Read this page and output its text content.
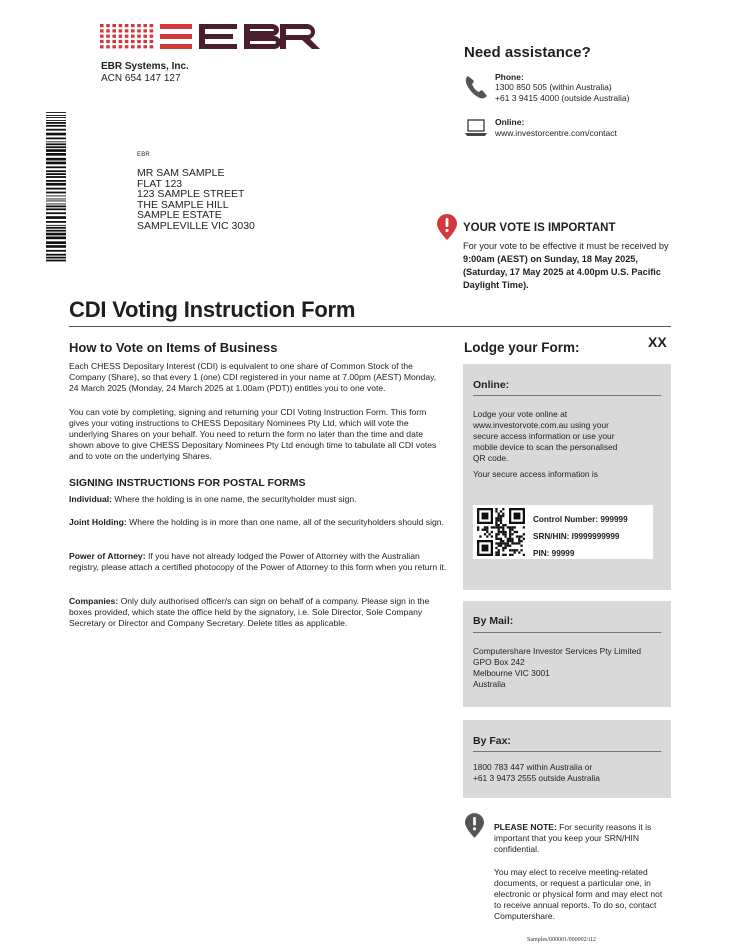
EBR Systems, Inc.
ACN 654 147 127
EBR
MR SAM SAMPLE
FLAT 123
123 SAMPLE STREET
THE SAMPLE HILL
SAMPLE ESTATE
SAMPLEVILLE VIC 3030
Need assistance?
Phone:
1300 850 505 (within Australia)
+61 3 9415 4000 (outside Australia)
Online:
www.investorcentre.com/contact
YOUR VOTE IS IMPORTANT
For your vote to be effective it must be received by 9:00am (AEST) on Sunday, 18 May 2025, (Saturday, 17 May 2025 at 4.00pm U.S. Pacific Daylight Time).
CDI Voting Instruction Form
How to Vote on Items of Business
Each CHESS Depositary Interest (CDI) is equivalent to one share of Common Stock of the Company (Share), so that every 1 (one) CDI registered in your name at 7.00pm (AEST) Monday, 24 March 2025 (Monday, 24 March 2025 at 1.00am (PDT)) entitles you to one vote.
You can vote by completing, signing and returning your CDI Voting Instruction Form. This form gives your voting instructions to CHESS Depositary Nominees Pty Ltd, which will vote the underlying Shares on your behalf. You need to return the form no later than the time and date shown above to give CHESS Depositary Nominees Pty Ltd enough time to tabulate all CDI votes and to vote on the underlying Shares.
SIGNING INSTRUCTIONS FOR POSTAL FORMS
Individual: Where the holding is in one name, the securityholder must sign.
Joint Holding: Where the holding is in more than one name, all of the securityholders should sign.
Power of Attorney: If you have not already lodged the Power of Attorney with the Australian registry, please attach a certified photocopy of the Power of Attorney to this form when you return it.
Companies: Only duly authorised officer/s can sign on behalf of a company. Please sign in the boxes provided, which state the office held by the signatory, i.e. Sole Director, Sole Company Secretary or Director and Company Secretary. Delete titles as applicable.
Lodge your Form:	XX
Online:
Lodge your vote online at www.investorvote.com.au using your secure access information or use your mobile device to scan the personalised QR code.
Your secure access information is
Control Number: 999999
SRN/HIN: I9999999999
PIN: 99999
By Mail:
Computershare Investor Services Pty Limited
GPO Box 242
Melbourne VIC 3001
Australia
By Fax:
1800 783 447 within Australia or
+61 3 9473 2555 outside Australia
PLEASE NOTE: For security reasons it is important that you keep your SRN/HIN confidential.
You may elect to receive meeting-related documents, or request a particular one, in electronic or physical form and may elect not to receive annual reports. To do so, contact Computershare.
Samples/000001/000002/i12
